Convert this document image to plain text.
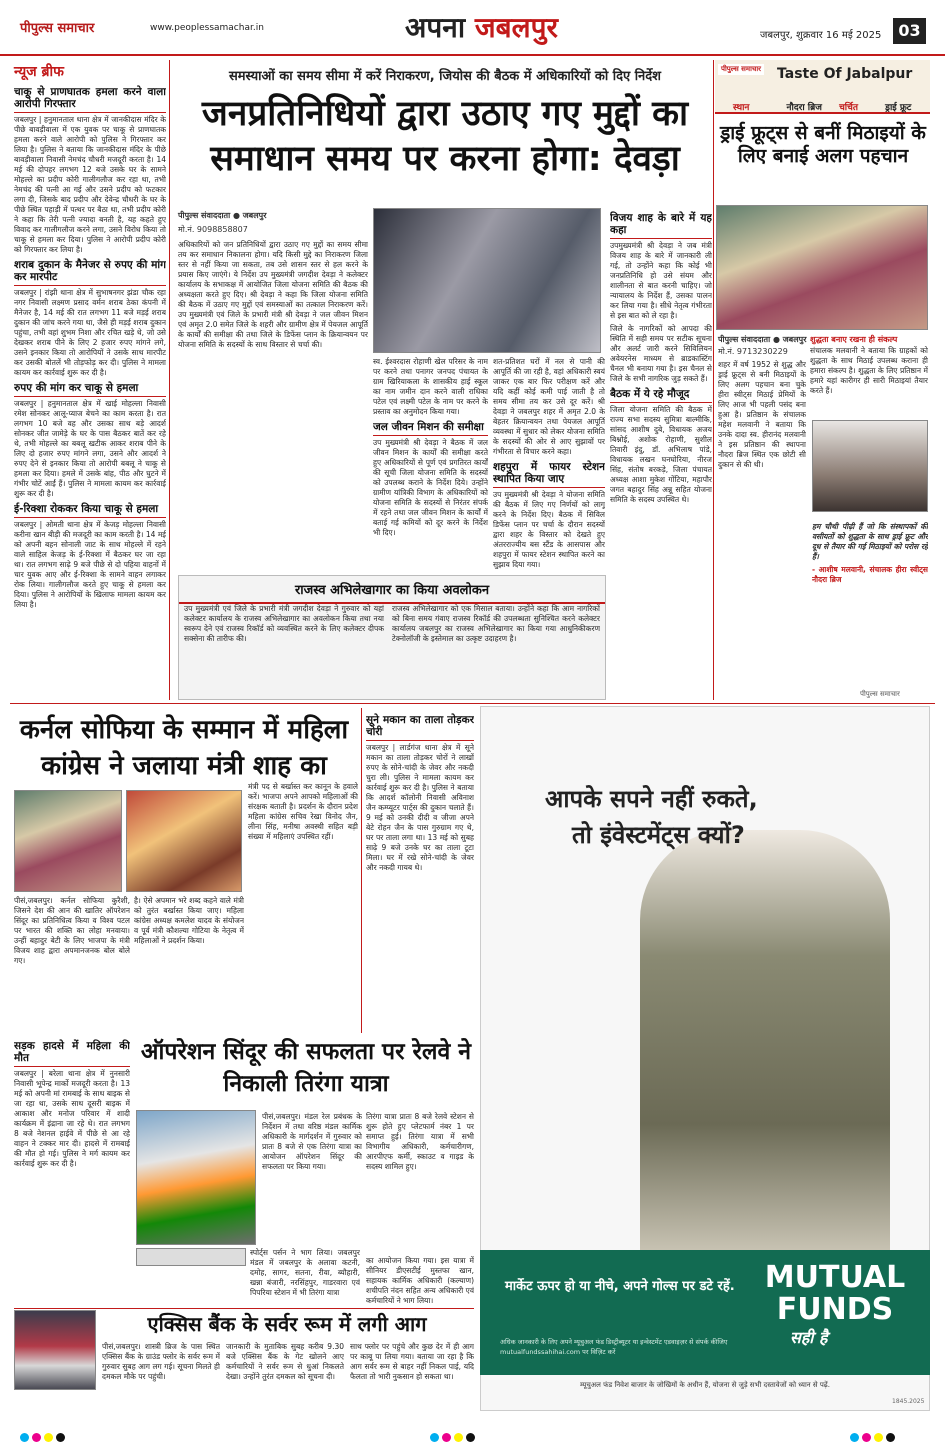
पीपुल्स समाचार	www.peoplessamachar.in	अपना जबलपुर	जबलपुर, शुक्रवार 16 मई 2025	03
न्यूज ब्रीफ
चाकू से प्राणघातक हमला करने वाला आरोपी गिरफ्तार

जबलपुर | हनुमानताल थाना क्षेत्र में जानकीदास मंदिर के पीछे बावड़ीवाला में एक युवक पर चाकू से प्राणघातक हमला करने वाले आरोपी को पुलिस ने गिरफ्तार कर लिया है। पुलिस ने बताया कि जानकीदास मंदिर के पीछे बावड़ीवाला निवासी नेमचंद चौधरी मजदूरी करता है। 14 मई की दोपहर लगभग 12 बजे उसके घर के सामने मोहल्ले का प्रदीप कोरी गालीगलौज कर रहा था, तभी नेमचंद की पत्नी आ गई और उसने प्रदीप को फटकार लगा दी, जिसके बाद प्रदीप और देवेन्द्र चौधरी के घर के पीछे स्थित पहाड़ी में पत्थर पर बैठा था, तभी प्रदीप कोरी ने कहा कि तेरी पत्नी ज्यादा बनती है, यह कहते हुए विवाद कर गालीगलौज करने लगा, उसने विरोध किया तो चाकू से हमला कर दिया। पुलिस ने आरोपी प्रदीप कोरी को गिरफ्तार कर लिया है।

शराब दुकान के मैनेजर से रुपए की मांग कर मारपीट

जबलपुर | रांझी थाना क्षेत्र में सुभाषनगर झंडा चौक रहा नगर निवासी लक्ष्मण प्रसाद वर्मन शराब ठेका कंपनी में मैनेजर है, 14 मई की रात लगभग 11 बजे मड़ई शराब दुकान की जांच करने गया था, जैसे ही मड़ई शराब दुकान पहुंचा, तभी वहां शुभम निशा और रचित खड़े थे, जो उसे देखकर शराब पीने के लिए 2 हजार रुपए मांगने लगे, उसने इनकार किया तो आरोपियों ने उसके साथ मारपीट कर उसकी बोतलें भी तोड़फोड़ कर दी। पुलिस ने मामला कायम कर कार्रवाई शुरू कर दी है।

रुपए की मांग कर चाकू से हमला

जबलपुर | हनुमानताल क्षेत्र में खाई मोहल्ला निवासी रमेश सोनकर आलू-प्याज बेचने का काम करता है। रात लगभग 10 बजे वह और उसका साथ बड़े आदर्श सोनकर जीत जामेड़े के घर के पास बैठकर बातें कर रहे थे, तभी मोहल्ले का बबलू खटीक आकर शराब पीने के लिए दो हजार रुपए मांगने लगा, उसने और आदर्श ने रुपए देने से इनकार किया तो आरोपी बबलू ने चाकू से हमला कर दिया। हमले में उसके बांह, पीठ और घुटने में गंभीर चोटें आईं हैं। पुलिस ने मामला कायम कर कार्रवाई शुरू कर दी है।

ई-रिक्शा रोककर किया चाकू से हमला

जबलपुर | ओमती थाना क्षेत्र में केजड़ मोहल्ला निवासी करीना खान बीड़ी की मजदूरी का काम करती है। 14 मई को अपनी बहन सोनाली जाट के साथ मोहल्ले में रहने वाले साहिल केजड़ के ई-रिक्शा में बैठकर घर जा रहा था। रात लगभग साढ़े 9 बजे पीछे से दो पहिया वाहनों में चार युवक आए और ई-रिक्शा के सामने वाहन लगाकर रोक लिया। गालीगलौज करते हुए चाकू से हमला कर दिया। पुलिस ने आरोपियों के खिलाफ मामला कायम कर लिया है।

समस्याओं का समय सीमा में करें निराकरण, जियोस की बैठक में अधिकारियों को दिए निर्देश
जनप्रतिनिधियों द्वारा उठाए गए मुद्दों का समाधान समय पर करना होगा: देवड़ा
पीपुल्स संवाददाता ● जबलपुर
मो.नं. 9098858807
अधिकारियों को जन प्रतिनिधियों द्वारा उठाए गए मुद्दों का समय सीमा तय कर समाधान निकालना होगा। यदि किसी मुद्दे का निराकरण जिला स्तर से नहीं किया जा सकता, तब उसे शासन स्तर से हल करने के प्रयास किए जाएंगे। ये निर्देश उप मुख्यमंत्री जगदीश देवड़ा ने कलेक्टर कार्यालय के सभाकक्ष में आयोजित जिला योजना समिति की बैठक की अध्यक्षता करते हुए दिए। श्री देवड़ा ने कहा कि जिला योजना समिति की बैठक में उठाए गए मुद्दों एवं समस्याओं का तत्काल निराकरण करें। उप मुख्यमंत्री एवं जिले के प्रभारी मंत्री श्री देवड़ा ने जल जीवन मिशन एवं अमृत 2.0 समेत जिले के शहरी और ग्रामीण क्षेत्र में पेयजल आपूर्ति के कार्यों की समीक्षा की तथा जिले के डिफेंस प्लान के क्रियान्वयन पर योजना समिति के सदस्यों के साथ विस्तार से चर्चा की।

स्व. ईश्वरदास रोहाणी खेल परिसर के नाम पर करने तथा पनागर जनपद पंचायत के ग्राम खिरियाकला के शासकीय हाई स्कूल का नाम जमीन दान करने वाली राधिका पटेल एवं लक्ष्मी पटेल के नाम पर करने के प्रस्ताव का अनुमोदन किया गया।

जल जीवन मिशन की समीक्षा

उप मुख्यमंत्री श्री देवड़ा ने बैठक में जल जीवन मिशन के कार्यों की समीक्षा करते हुए अधिकारियों से पूर्ण एवं प्रगतिरत कार्यों की सूची जिला योजना समिति के सदस्यों को उपलब्ध कराने के निर्देश दिये। उन्होंने ग्रामीण यांत्रिकी विभाग के अधिकारियों को योजना समिति के सदस्यों से निरंतर संपर्क में रहने तथा जल जीवन मिशन के कार्यों में बताई गई कमियों को दूर करने के निर्देश भी दिए।

शत-प्रतिशत घरों में नल से पानी की आपूर्ति की जा रही है, वहां अधिकारी स्वयं जाकर एक बार फिर परीक्षण करें और यदि कहीं कोई कमी पाई जाती है तो समय सीमा तय कर उसे दूर करें। श्री देवड़ा ने जबलपुर शहर में अमृत 2.0 के बेहतर क्रियान्वयन तथा पेयजल आपूर्ति व्यवस्था में सुधार को लेकर योजना समिति के सदस्यों की ओर से आए सुझावों पर गंभीरता से विचार करने कहा।

शहपुरा में फायर स्टेशन स्थापित किया जाए

उप मुख्यमंत्री श्री देवड़ा ने योजना समिति की बैठक में लिए गए निर्णयों को लागू करने के निर्देश दिए। बैठक में सिविल डिफेंस प्लान पर चर्चा के दौरान सदस्यों द्वारा शहर के विस्तार को देखते हुए अंतरराज्यीय बस स्टैंड के आसपास और शहपुरा में फायर स्टेशन स्थापित करने का सुझाव दिया गया।

विजय शाह के बारे में यह कहा

उपमुख्यमंत्री श्री देवड़ा ने जब मंत्री विजय शाह के बारे में जानकारी ली गई, तो उन्होंने कहा कि कोई भी जनप्रतिनिधि हो उसे संयम और शालीनता से बात करनी चाहिए। जो न्यायालय के निर्देश हैं, उसका पालन कर लिया गया है। सीधे नेतृत्व गंभीरता से इस बात को ले रहा है।

जिले के नागरिकों को आपदा की स्थिति में सही समय पर सटीक सूचना और अलर्ट जारी करने सिविलियन अवेयरनेस माध्यम से ब्राडकास्टिंग चैनल भी बनाया गया है। इस चैनल से जिले के सभी नागरिक जुड़ सकते हैं।

बैठक में ये रहे मौजूद

जिला योजना समिति की बैठक में राज्य सभा सदस्य सुमित्रा बाल्मीकि, सांसद आशीष दुबे, विधायक अजय बिश्नोई, अशोक रोहाणी, सुशील तिवारी इंदु, डॉ. अभिलाष पांडे, विधायक लखन घनघोरिया, नीरज सिंह, संतोष बरकड़े, जिला पंचायत अध्यक्ष आशा मुकेश गोंटिया, महापौर जगत बहादुर सिंह अन्नू सहित योजना समिति के सदस्य उपस्थित थे।

राजस्व अभिलेखागार का किया अवलोकन
उप मुख्यमंत्री एवं जिले के प्रभारी मंत्री जगदीश देवड़ा ने गुरुवार को यहां कलेक्टर कार्यालय के राजस्व अभिलेखागार का अवलोकन किया तथा नया स्वरूप देने एवं राजस्व रिकॉर्ड को व्यवस्थित करने के लिए कलेक्टर दीपक सक्सेना की तारीफ की।
राजस्व अभिलेखागार को एक मिसाल बताया। उन्होंने कहा कि आम नागरिकों को बिना समय गंवाए राजस्व रिकॉर्ड की उपलब्धता सुनिश्चित करने कलेक्टर कार्यालय जबलपुर का राजस्व अभिलेखागार का किया गया आधुनिकीकरण टेक्नोलॉजी के इस्तेमाल का उत्कृष्ट उदाहरण है।
पीपुल्स समाचार Taste Of Jabalpur
स्थान	नौदरा ब्रिज चर्चित	ड्राई फ्रूट
ड्राई फ्रूट्स से बनीं मिठाइयों के लिए बनाई अलग पहचान
पीपुल्स संवाददाता ● जबलपुर
मो.नं. 9713230229
शुद्धता बनाए रखना ही संकल्प
शहर में वर्ष 1952 से शुद्ध और ड्राई फ्रूट्स से बनी मिठाइयों के लिए अलग पहचान बना चुके हीरा स्वीट्स मिठाई प्रेमियों के लिए आज भी पहली पसंद बना हुआ है। प्रतिष्ठान के संचालक महेश मलवानी ने बताया कि उनके दादा स्व. हीरानंद मलवानी ने इस प्रतिष्ठान की स्थापना नौदरा ब्रिज स्थित एक छोटी सी दुकान से की थी।
संचालक मलवानी ने बताया कि ग्राहकों को शुद्धता के साथ मिठाई उपलब्ध कराना ही हमारा संकल्प है। शुद्धता के लिए प्रतिष्ठान में हमारे यहां कारीगर ही सारी मिठाइयां तैयार करते हैं।

हम चौथी पीढ़ी हैं जो कि संस्थापकों की वसीयतों को शुद्धता के साथ ड्राई फ्रूट और दूध से तैयार की गई मिठाइयों को परोस रहे हैं।

- आशीष मलवानी, संचालक हीरा स्वीट्स नौदरा ब्रिज

पीपुल्स समाचार
कर्नल सोफिया के सम्मान में महिला कांग्रेस ने जलाया मंत्री शाह का
पीसं,जबलपुर। कर्नल सोफिया कुरैशी, जिसने देश की आन की खातिर ऑपरेशन सिंदूर का प्रतिनिधित्व किया व विश्व पटल पर भारत की शक्ति का लोहा मनवाया। उन्हीं बहादुर बेटी के लिए भाजपा के मंत्री विजय शाह द्वारा अपमानजनक बोल बोले गए।
है। ऐसे अपमान भरे शब्द कहने वाले मंत्री को तुरंत बर्खास्त किया जाए। महिला कांग्रेस अध्यक्ष कमलेश यादव के संयोजन व पूर्व मंत्री कौशल्या गोटिया के नेतृत्व में महिलाओं ने प्रदर्शन किया।
मंत्री पद से बर्खास्त कर कानून के हवाले करें। भाजपा अपने आपको महिलाओं की संरक्षक बताती है। प्रदर्शन के दौरान प्रदेश महिला कांग्रेस सचिव रेखा विनोद जैन, लीना सिंह, मनीषा अवस्थी सहित बड़ी संख्या में महिलाएं उपस्थित रहीं।
सूने मकान का ताला तोड़कर चोरी

जबलपुर | लार्डगंज थाना क्षेत्र में सूने मकान का ताला तोड़कर चोरों ने लाखों रुपए के सोने-चांदी के जेवर और नकदी चुरा ली। पुलिस ने मामला कायम कर कार्रवाई शुरू कर दी है। पुलिस ने बताया कि आदर्श कॉलोनी निवासी अविनाश जैन कम्प्यूटर पार्ट्स की दुकान चलाते हैं। 9 मई को उनकी दीदी व जीजा अपने बेटे रोहन जैन के पास गुरुग्राम गए थे, घर पर ताला लगा था। 13 मई को सुबह साढ़े 9 बजे उनके घर का ताला टूटा मिला। घर में रखे सोने-चांदी के जेवर और नकदी गायब थे।

सड़क हादसे में महिला की मौत

जबलपुर | बरेला थाना क्षेत्र में नुनसारी निवासी भूपेन्द्र मार्को मजदूरी करता है। 13 मई को अपनी मां रामबाई के साथ बाइक से जा रहा था, उसके साथ दूसरी बाइक में आकाश और मनोज परिवार में शादी कार्यक्रम में इंद्राना जा रहे थे। रात लगभग 8 बजे नेशनल हाईवे में पीछे से आ रहे वाहन ने टक्कर मार दी। हादसे में रामबाई की मौत हो गई। पुलिस ने मर्ग कायम कर कार्रवाई शुरू कर दी है।

ऑपरेशन सिंदूर की सफलता पर रेलवे ने निकाली तिरंगा यात्रा
पीसं,जबलपुर। मंडल रेल प्रबंधक के निर्देशन में तथा वरिष्ठ मंडल कार्मिक अधिकारी के मार्गदर्शन में गुरुवार को प्रातः 8 बजे से एक तिरंगा यात्रा का आयोजन ऑपरेशन सिंदूर की सफलता पर किया गया।
तिरंगा यात्रा प्रातः 8 बजे रेलवे स्टेशन से शुरू होते हुए प्लेटफार्म नंबर 1 पर समाप्त हुई। तिरंगा यात्रा में सभी विभागीय अधिकारी, कर्मचारीगण, आरपीएफ कर्मी, स्काउट व गाइड के सदस्य शामिल हुए।
स्पोर्ट्स पर्सन ने भाग लिया। जबलपुर मंडल में जबलपुर के अलावा कटनी, दमोह, सागर, सतना, रीवा, ब्यौहारी, खन्ना बंजारी, नरसिंहपुर, गाडरवारा एवं पिपरिया स्टेशन में भी तिरंगा यात्रा
का आयोजन किया गया। इस यात्रा में सीनियर डीएसटीई मुस्तफा खान, सहायक कार्मिक अधिकारी (कल्याण) शचीपति नंदन सहित अन्य अधिकारी एवं कर्मचारियों ने भाग लिया।
एक्सिस बैंक के सर्वर रूम में लगी आग
पीसं,जबलपुर। शास्त्री ब्रिज के पास स्थित एक्सिस बैंक के ग्राउंड फ्लोर के सर्वर रूम में गुरुवार सुबह आग लग गई। सूचना मिलते ही दमकल मौके पर पहुंची।
जानकारी के मुताबिक सुबह करीब 9.30 बजे एक्सिस बैंक के गेट खोलने आए कर्मचारियों ने सर्वर रूम से धुआं निकलते देखा। उन्होंने तुरंत दमकल को सूचना दी।
साथ फ्लोर पर पहुंचे और कुछ देर में ही आग पर काबू पा लिया गया। बताया जा रहा है कि आग सर्वर रूम से बाहर नहीं निकल पाई, यदि फैलता तो भारी नुकसान हो सकता था।
आपके सपने नहीं रुकते,
तो इंवेस्टमेंट्स क्यों?
मार्केट ऊपर हो या नीचे, अपने गोल्स पर डटे रहें.	MUTUAL
FUNDS
सही है
अधिक जानकारी के लिए अपने म्यूचुअल फंड डिस्ट्रीब्यूटर या इन्वेस्टमेंट एडवाइज़र से संपर्क कीजिए mutualfundssahihai.com पर विज़िट करें
म्यूचुअल फंड निवेश बाजार के जोखिमों के अधीन हैं, योजना से जुड़े सभी दस्तावेजों को ध्यान से पढ़ें.
1845.2025
